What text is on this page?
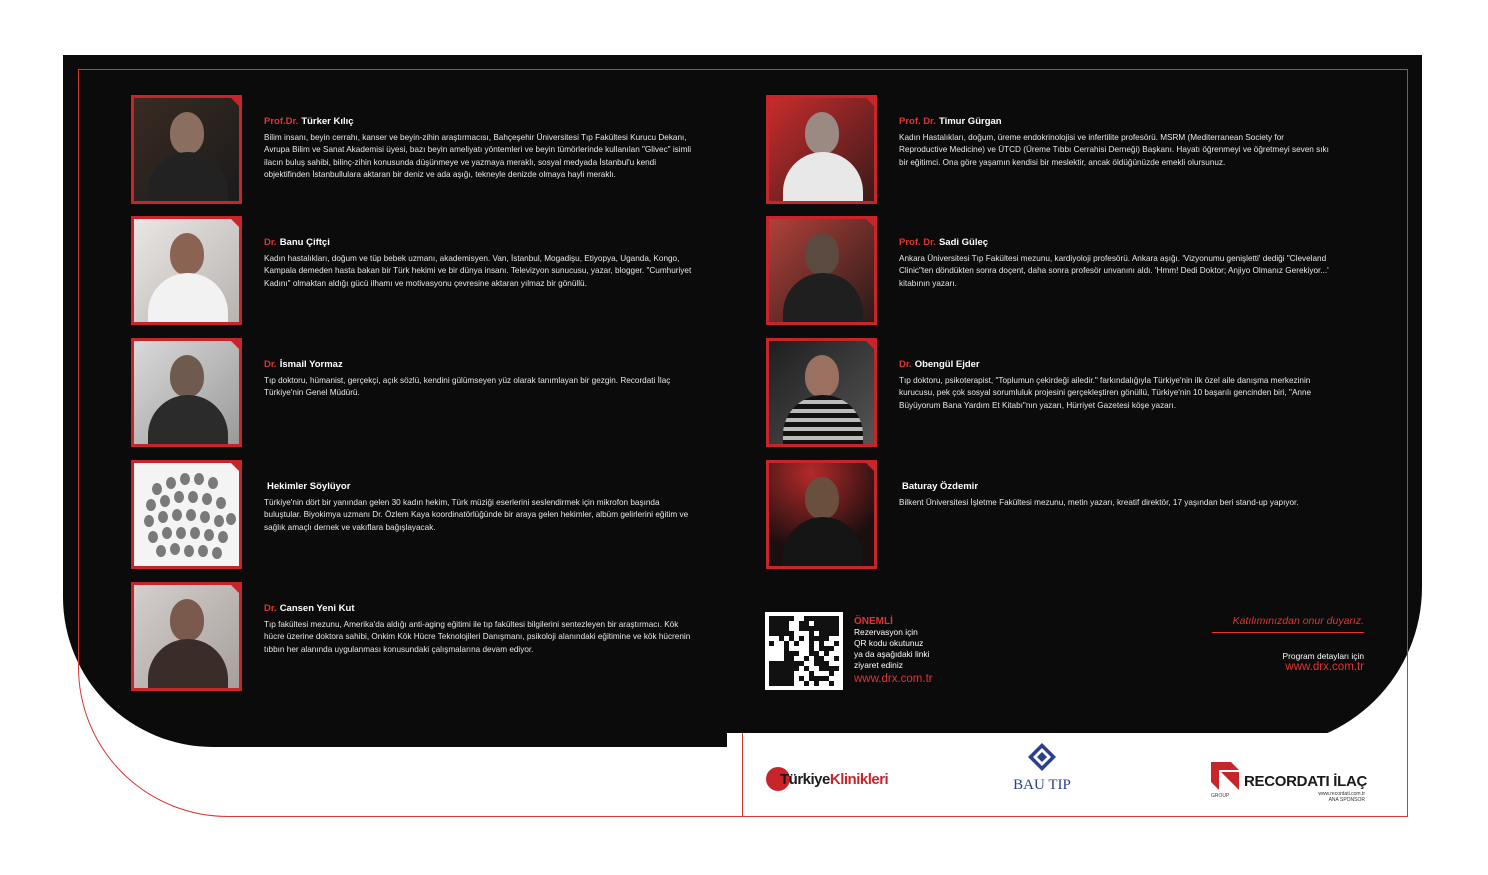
Prof.Dr. Türker Kılıç
Bilim insanı, beyin cerrahı, kanser ve beyin-zihin araştırmacısı, Bahçeşehir Üniversitesi Tıp Fakültesi Kurucu Dekanı, Avrupa Bilim ve Sanat Akademisi üyesi, bazı beyin ameliyatı yöntemleri ve beyin tümörlerinde kullanılan "Glivec" isimli ilacın buluş sahibi, bilinç-zihin konusunda düşünmeye ve yazmaya meraklı, sosyal medyada İstanbul'u kendi objektifinden İstanbullulara aktaran bir deniz ve ada aşığı, tekneyle denizde olmaya hayli meraklı.
Dr. Banu Çiftçi
Kadın hastalıkları, doğum ve tüp bebek uzmanı, akademisyen. Van, İstanbul, Mogadişu, Etiyopya, Uganda, Kongo, Kampala demeden hasta bakan bir Türk hekimi ve bir dünya insanı. Televizyon sunucusu, yazar, blogger. "Cumhuriyet Kadını" olmaktan aldığı gücü ilhamı ve motivasyonu çevresine aktaran yılmaz bir gönüllü.
Dr. İsmail Yormaz
Tıp doktoru, hümanist, gerçekçi, açık sözlü, kendini gülümseyen yüz olarak tanımlayan bir gezgin. Recordati İlaç Türkiye'nin Genel Müdürü.
Hekimler Söylüyor
Türkiye'nin dört bir yanından gelen 30 kadın hekim, Türk müziği eserlerini seslendirmek için mikrofon başında buluştular. Biyokimya uzmanı Dr. Özlem Kaya koordinatörlüğünde bir araya gelen hekimler, albüm gelirlerini eğitim ve sağlık amaçlı dernek ve vakıflara bağışlayacak.
Dr. Cansen Yeni Kut
Tıp fakültesi mezunu, Amerika'da aldığı anti-aging eğitimi ile tıp fakültesi bilgilerini sentezleyen bir araştırmacı. Kök hücre üzerine doktora sahibi, Onkim Kök Hücre Teknolojileri Danışmanı, psikoloji alanındaki eğitimine ve kök hücrenin tıbbın her alanında uygulanması konusundaki çalışmalarına devam ediyor.
Prof. Dr. Timur Gürgan
Kadın Hastalıkları, doğum, üreme endokrinolojisi ve infertilite profesörü. MSRM (Mediterranean Society for Reproductive Medicine) ve ÜTCD (Üreme Tıbbı Cerrahisi Derneği) Başkanı. Hayatı öğrenmeyi ve öğretmeyi seven sıkı bir eğitimci. Ona göre yaşamın kendisi bir meslektir, ancak öldüğünüzde emekli olursunuz.
Prof. Dr. Sadi Güleç
Ankara Üniversitesi Tıp Fakültesi mezunu, kardiyoloji profesörü. Ankara aşığı. 'Vizyonumu genişletti' dediği "Cleveland Clinic"ten döndükten sonra doçent, daha sonra profesör unvanını aldı. 'Hmm! Dedi Doktor; Anjiyo Olmanız Gerekiyor...' kitabının yazarı.
Dr. Obengül Ejder
Tıp doktoru, psikoterapist, "Toplumun çekirdeği ailedir." farkındalığıyla Türkiye'nin ilk özel aile danışma merkezinin kurucusu, pek çok sosyal sorumluluk projesini gerçekleştiren gönüllü, Türkiye'nin 10 başarılı gencinden biri, "Anne Büyüyorum Bana Yardım Et Kitabı"nın yazarı, Hürriyet Gazetesi köşe yazarı.
Baturay Özdemir
Bilkent Üniversitesi İşletme Fakültesi mezunu, metin yazarı, kreatif direktör, 17 yaşından beri stand-up yapıyor.
ÖNEMLİ
Rezervasyon için
QR kodu okutunuz
ya da aşağıdaki linki
ziyaret ediniz
www.drx.com.tr
Katılımınızdan onur duyarız.
Program detayları için
www.drx.com.tr
TürkiyeKlinikleri	BAU TIP	RECORDATI İLAÇ
GROUP	www.recordati.com.tr
ANA SPONSOR
